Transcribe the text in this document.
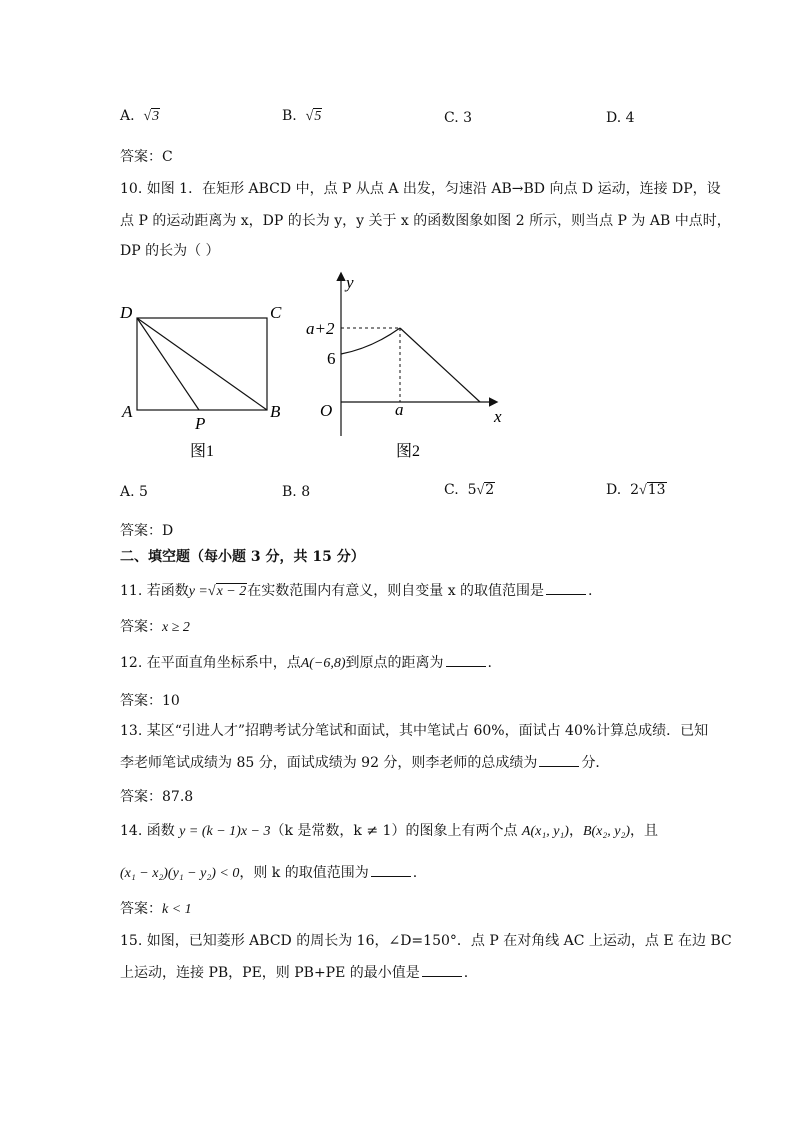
A. √3	B. √5	C. 3	D. 4
答案：C
10. 如图 1．在矩形 ABCD 中，点 P 从点 A 出发，匀速沿 AB→BD 向点 D 运动，连接 DP，设
点 P 的运动距离为 x，DP 的长为 y，y 关于 x 的函数图象如图 2 所示，则当点 P 为 AB 中点时，
DP 的长为（ ）
D	C
A	B
P
图1
y
x
O	a
a+2
6
图2
A. 5	B. 8	C. 5√2	D. 2√13
答案：D
二、填空题（每小题 3 分，共 15 分）
11. 若函数y =√x − 2在实数范围内有意义，则自变量 x 的取值范围是	.
答案：x ≥ 2
12. 在平面直角坐标系中，点A(−6,8)到原点的距离为	.
答案：10
13. 某区“引进人才”招聘考试分笔试和面试，其中笔试占 60%，面试占 40%计算总成绩．已知
李老师笔试成绩为 85 分，面试成绩为 92 分，则李老师的总成绩为	分．
答案：87.8
14. 函数 y = (k − 1)x − 3（k 是常数，k ≠ 1）的图象上有两个点 A(x₁, y₁)，B(x₂, y₂)，且
(x₁ − x₂)(y₁ − y₂) < 0，则 k 的取值范围为	.
答案：k < 1
15. 如图，已知菱形 ABCD 的周长为 16，∠D=150°．点 P 在对角线 AC 上运动，点 E 在边 BC
上运动，连接 PB，PE，则 PB+PE 的最小值是	.
